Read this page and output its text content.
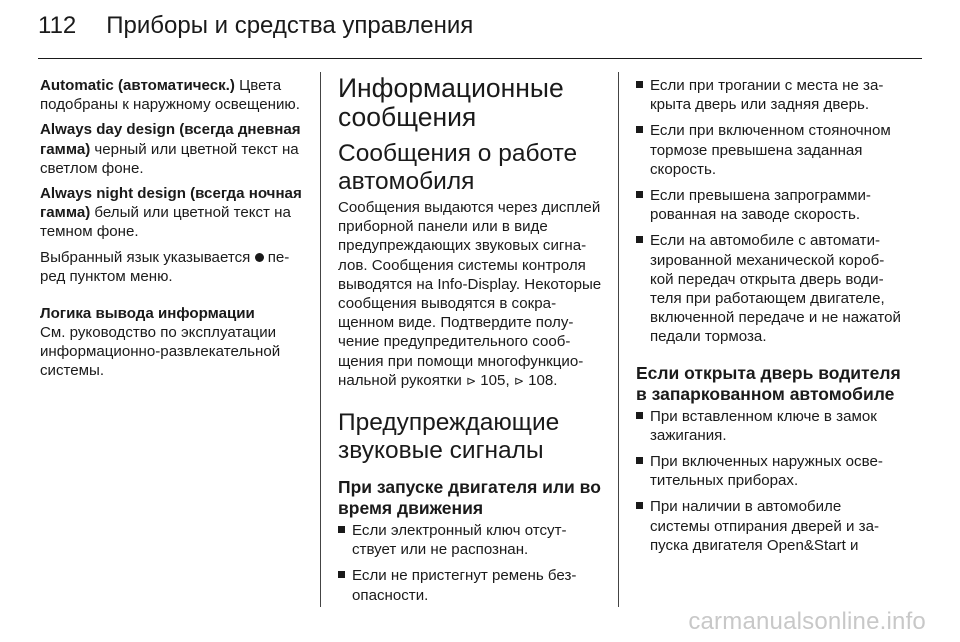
112 Приборы и средства управления

Automatic (автоматическ.) Цвета подобраны к наружному освещению.

Always day design (всегда дневная гамма) черный или цветной текст на светлом фоне.

Always night design (всегда ночная гамма) белый или цветной текст на темном фоне.

Выбранный язык указывается  перед пунктом меню.

Логика вывода информации

См. руководство по эксплуатации информационно-развлекательной системы.

Информационные сообщения
Сообщения о работе автомобиля

Сообщения выдаются через дисплей приборной панели или в виде предупреждающих звуковых сигналов. Сообщения системы контроля выводятся на Info-Display. Некоторые сообщения выводятся в сокращенном виде. Подтвердите получение предупредительного сообщения при помощи многофункциональной рукоятки ⊳ 105, ⊳ 108.

Предупреждающие звуковые сигналы
При запуске двигателя или во время движения
Если электронный ключ отсутствует или не распознан.
Если не пристегнут ремень безопасности.
Если при трогании с места не закрыта дверь или задняя дверь.
Если при включенном стояночном тормозе превышена заданная скорость.
Если превышена запрограммированная на заводе скорость.
Если на автомобиле с автоматизированной механической коробкой передач открыта дверь водителя при работающем двигателе, включенной передаче и не нажатой педали тормоза.
Если открыта дверь водителя в запаркованном автомобиле
При вставленном ключе в замок зажигания.
При включенных наружных осветительных приборах.
При наличии в автомобиле системы отпирания дверей и запуска двигателя Open&Start и
carmanualsonline.info
